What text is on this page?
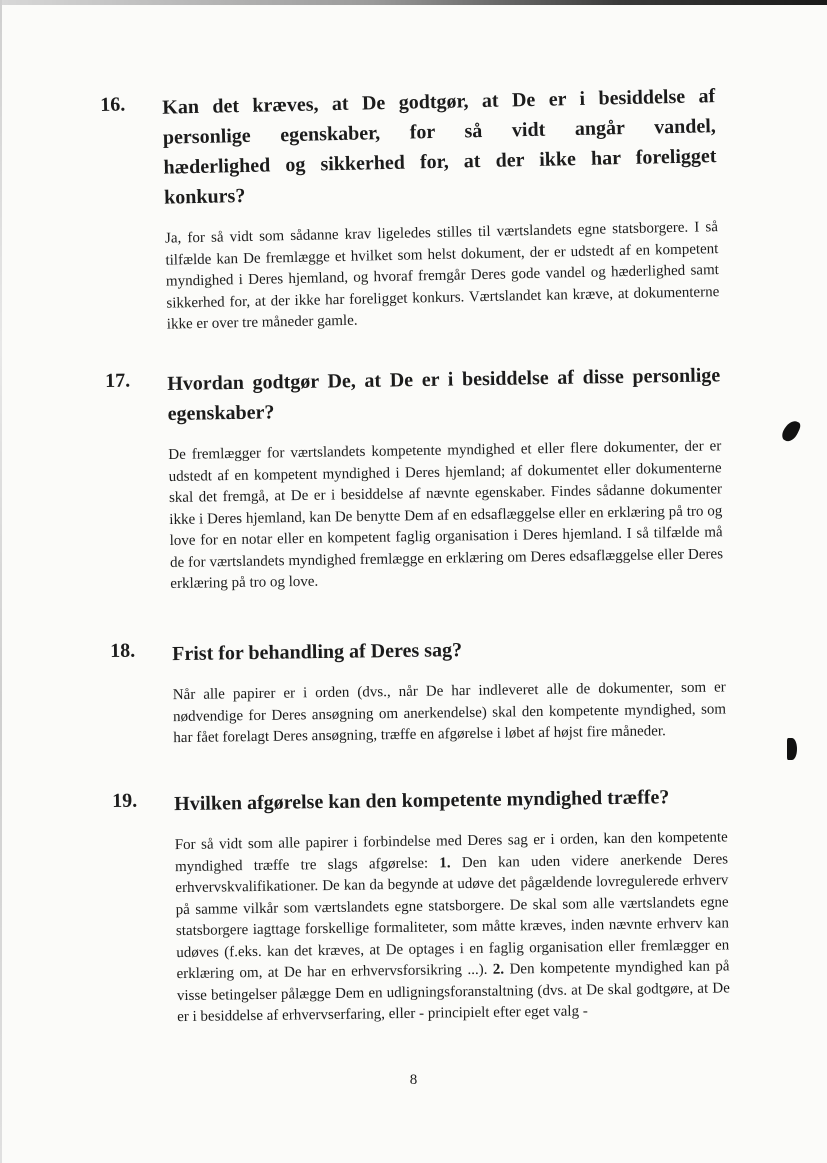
16. Kan det kræves, at De godtgør, at De er i besiddelse af personlige egenskaber, for så vidt angår vandel, hæderlighed og sikkerhed for, at der ikke har foreligget konkurs?
Ja, for så vidt som sådanne krav ligeledes stilles til værtslandets egne statsborgere. I så tilfælde kan De fremlægge et hvilket som helst dokument, der er udstedt af en kompetent myndighed i Deres hjemland, og hvoraf fremgår Deres gode vandel og hæderlighed samt sikkerhed for, at der ikke har foreligget konkurs. Værtslandet kan kræve, at dokumenterne ikke er over tre måneder gamle.
17. Hvordan godtgør De, at De er i besiddelse af disse personlige egenskaber?
De fremlægger for værtslandets kompetente myndighed et eller flere dokumenter, der er udstedt af en kompetent myndighed i Deres hjemland; af dokumentet eller dokumenterne skal det fremgå, at De er i besiddelse af nævnte egenskaber. Findes sådanne dokumenter ikke i Deres hjemland, kan De benytte Dem af en edsaflæggelse eller en erklæring på tro og love for en notar eller en kompetent faglig organisation i Deres hjemland. I så tilfælde må de for værtslandets myndighed fremlægge en erklæring om Deres edsaflæggelse eller Deres erklæring på tro og love.
18. Frist for behandling af Deres sag?
Når alle papirer er i orden (dvs., når De har indleveret alle de dokumenter, som er nødvendige for Deres ansøgning om anerkendelse) skal den kompetente myndighed, som har fået forelagt Deres ansøgning, træffe en afgørelse i løbet af højst fire måneder.
19. Hvilken afgørelse kan den kompetente myndighed træffe?
For så vidt som alle papirer i forbindelse med Deres sag er i orden, kan den kompetente myndighed træffe tre slags afgørelse: 1. Den kan uden videre anerkende Deres erhvervskvalifikationer. De kan da begynde at udøve det pågældende lovregulerede erhverv på samme vilkår som værtslandets egne statsborgere. De skal som alle værtslandets egne statsborgere iagttage forskellige formaliteter, som måtte kræves, inden nævnte erhverv kan udøves (f.eks. kan det kræves, at De optages i en faglig organisation eller fremlægger en erklæring om, at De har en erhvervsforsikring ...). 2. Den kompetente myndighed kan på visse betingelser pålægge Dem en udligningsforanstaltning (dvs. at De skal godtgøre, at De er i besiddelse af erhvervserfaring, eller - principielt efter eget valg -
8
